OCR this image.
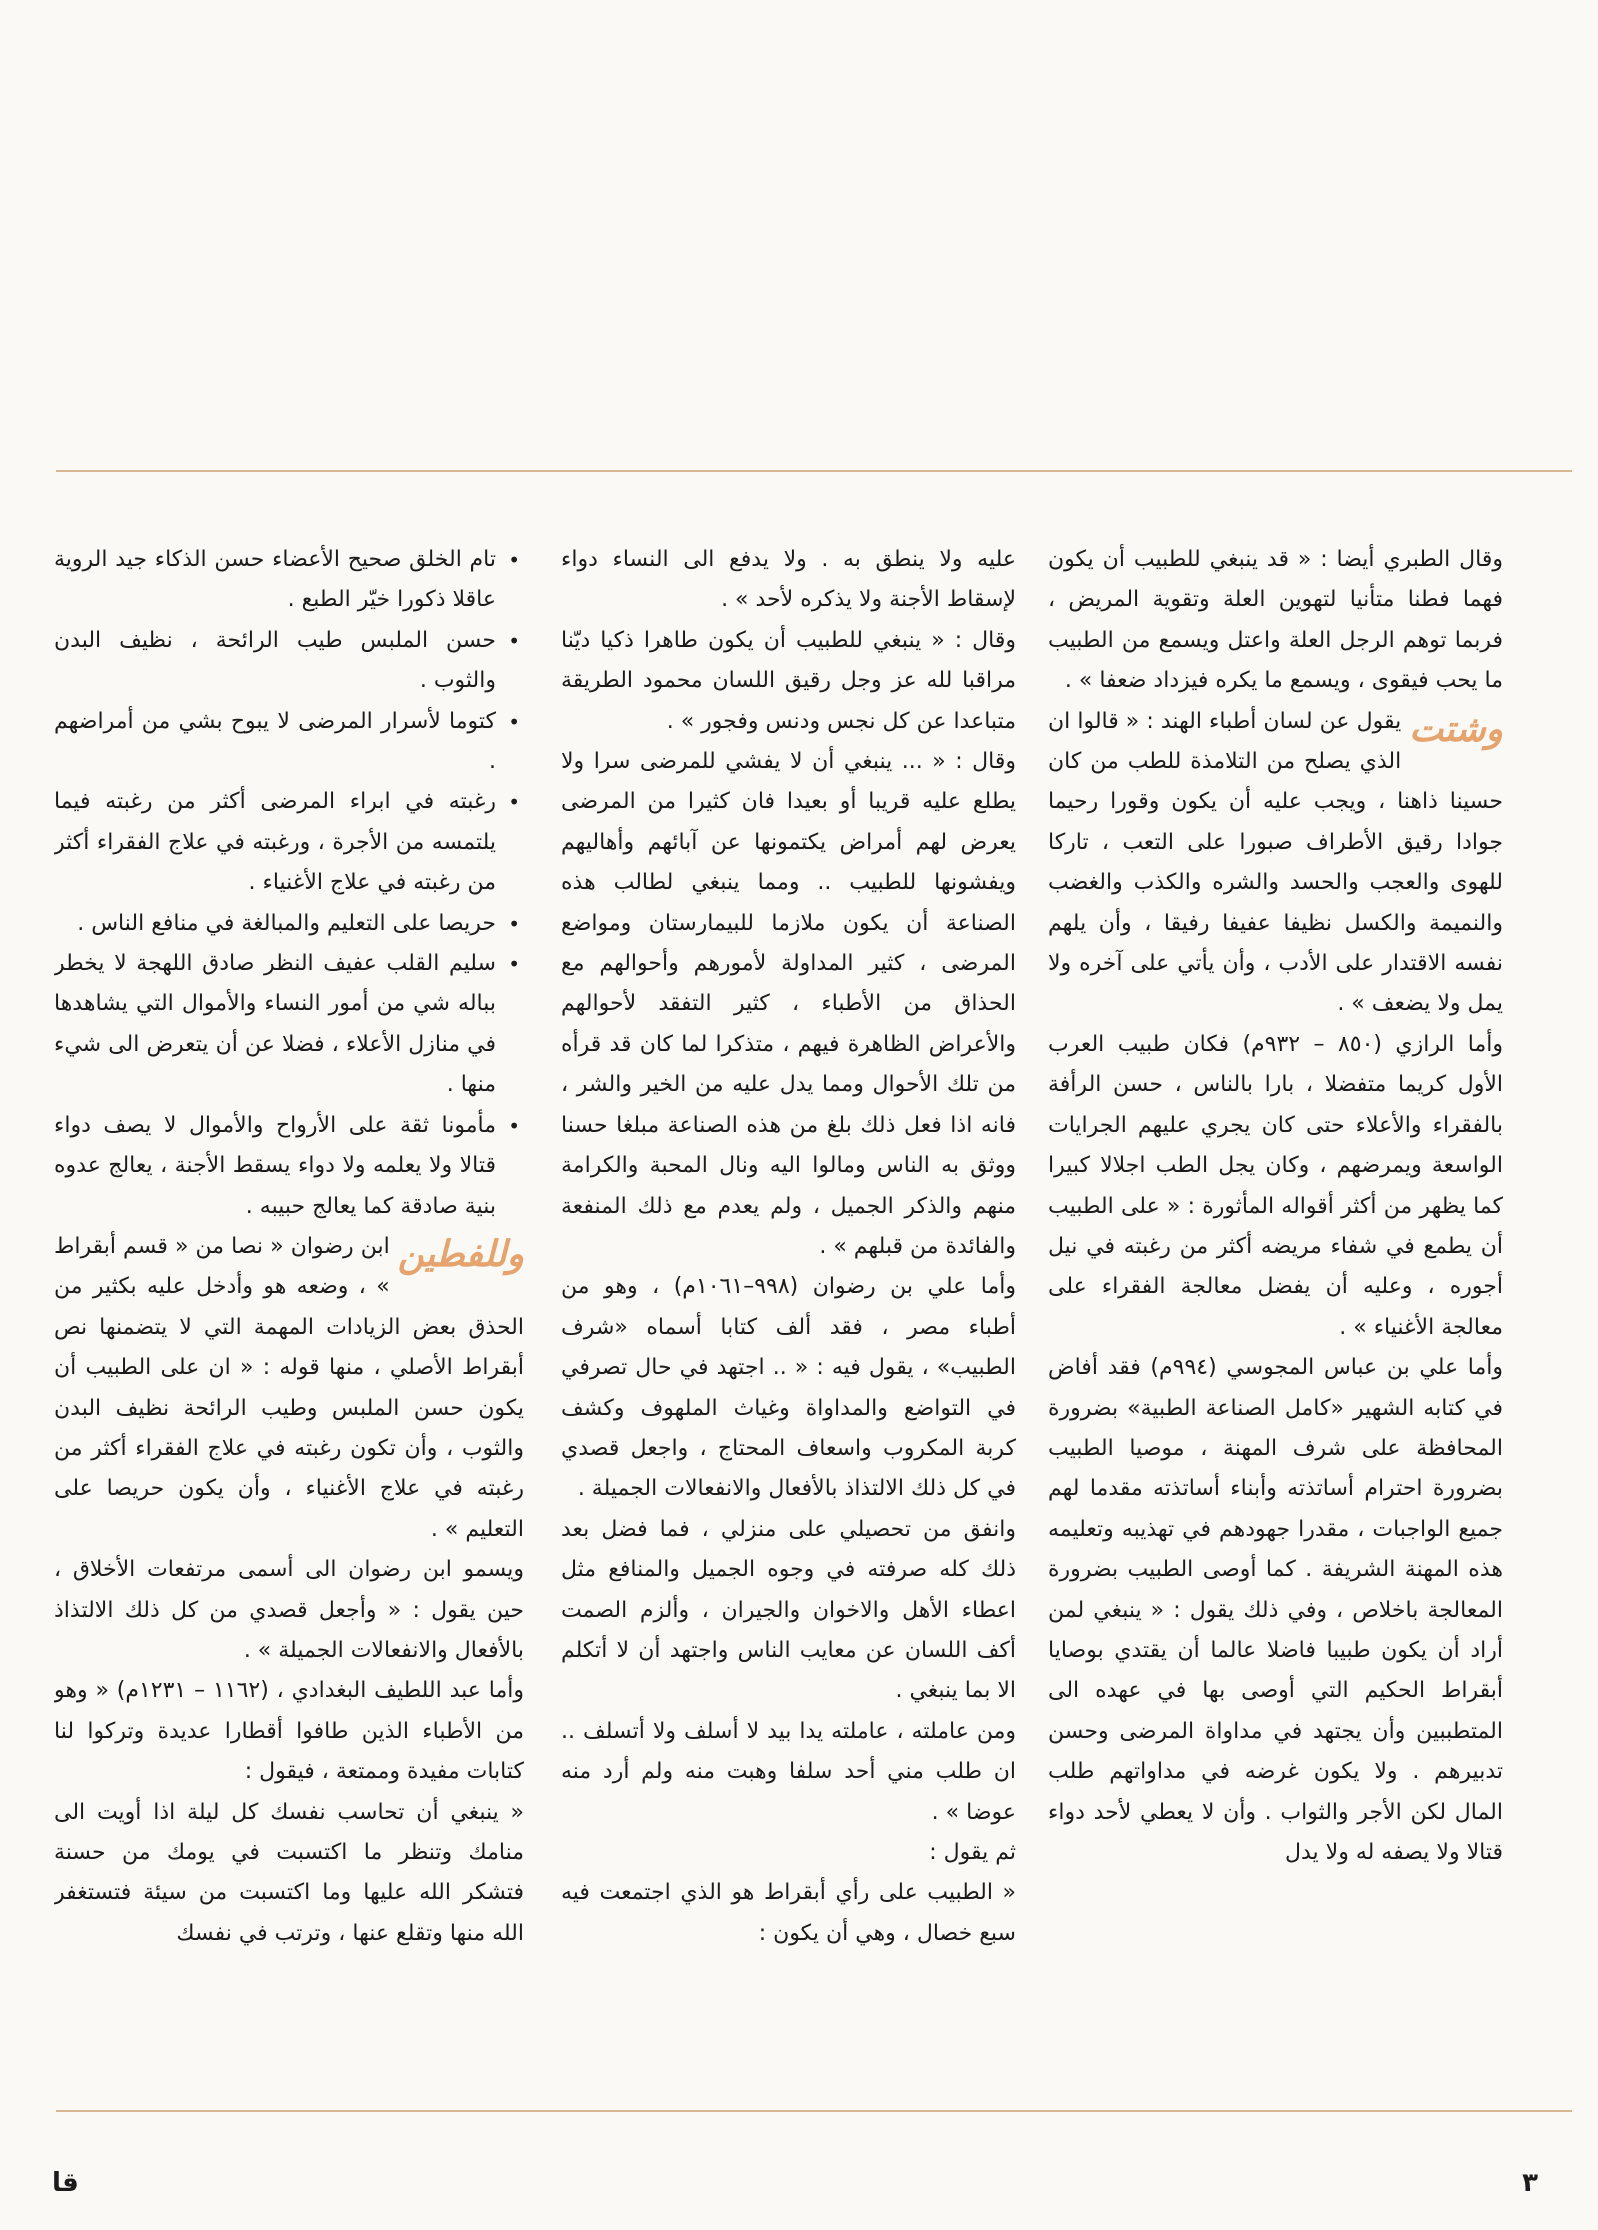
وقال الطبري أيضا : « قد ينبغي للطبيب أن يكون فهما فطنا متأنيا لتهوين العلة وتقوية المريض ، فربما توهم الرجل العلة واعتل ويسمع من الطبيب ما يحب فيقوى ، ويسمع ما يكره فيزداد ضعفا » .

وشتت
يقول عن لسان أطباء الهند : « قالوا ان الذي يصلح من التلامذة للطب من كان حسينا ذاهنا ، ويجب عليه أن يكون وقورا رحيما جوادا رقيق الأطراف صبورا على التعب ، تاركا للهوى والعجب والحسد والشره والكذب والغضب والنميمة والكسل نظيفا عفيفا رفيقا ، وأن يلهم نفسه الاقتدار على الأدب ، وأن يأتي على آخره ولا يمل ولا يضعف » .

وأما الرازي (٨٥٠ – ٩٣٢م) فكان طبيب العرب الأول كريما متفضلا ، بارا بالناس ، حسن الرأفة بالفقراء والأعلاء حتى كان يجري عليهم الجرايات الواسعة ويمرضهم ، وكان يجل الطب اجلالا كبيرا كما يظهر من أكثر أقواله المأثورة : « على الطبيب أن يطمع في شفاء مريضه أكثر من رغبته في نيل أجوره ، وعليه أن يفضل معالجة الفقراء على معالجة الأغنياء » .

وأما علي بن عباس المجوسي (٩٩٤م) فقد أفاض في كتابه الشهير «كامل الصناعة الطبية» بضرورة المحافظة على شرف المهنة ، موصيا الطبيب بضرورة احترام أساتذته وأبناء أساتذته مقدما لهم جميع الواجبات ، مقدرا جهودهم في تهذيبه وتعليمه هذه المهنة الشريفة . كما أوصى الطبيب بضرورة المعالجة باخلاص ، وفي ذلك يقول : « ينبغي لمن أراد أن يكون طبيبا فاضلا عالما أن يقتدي بوصايا أبقراط الحكيم التي أوصى بها في عهده الى المتطببين وأن يجتهد في مداواة المرضى وحسن تدبيرهم . ولا يكون غرضه في مداواتهم طلب المال لكن الأجر والثواب . وأن لا يعطي لأحد دواء قتالا ولا يصفه له ولا يدل

عليه ولا ينطق به . ولا يدفع الى النساء دواء لإسقاط الأجنة ولا يذكره لأحد » .

وقال : « ينبغي للطبيب أن يكون طاهرا ذكيا ديّنا مراقبا لله عز وجل رقيق اللسان محمود الطريقة متباعدا عن كل نجس ودنس وفجور » .

وقال : « ... ينبغي أن لا يفشي للمرضى سرا ولا يطلع عليه قريبا أو بعيدا فان كثيرا من المرضى يعرض لهم أمراض يكتمونها عن آبائهم وأهاليهم ويفشونها للطبيب .. ومما ينبغي لطالب هذه الصناعة أن يكون ملازما للبيمارستان ومواضع المرضى ، كثير المداولة لأمورهم وأحوالهم مع الحذاق من الأطباء ، كثير التفقد لأحوالهم والأعراض الظاهرة فيهم ، متذكرا لما كان قد قرأه من تلك الأحوال ومما يدل عليه من الخير والشر ، فانه اذا فعل ذلك بلغ من هذه الصناعة مبلغا حسنا ووثق به الناس ومالوا اليه ونال المحبة والكرامة منهم والذكر الجميل ، ولم يعدم مع ذلك المنفعة والفائدة من قبلهم » .

وأما علي بن رضوان (٩٩٨–١٠٦١م) ، وهو من أطباء مصر ، فقد ألف كتابا أسماه «شرف الطبيب» ، يقول فيه : « .. اجتهد في حال تصرفي في التواضع والمداواة وغياث الملهوف وكشف كربة المكروب واسعاف المحتاج ، واجعل قصدي في كل ذلك الالتذاذ بالأفعال والانفعالات الجميلة .

وانفق من تحصيلي على منزلي ، فما فضل بعد ذلك كله صرفته في وجوه الجميل والمنافع مثل اعطاء الأهل والاخوان والجيران ، وألزم الصمت أكف اللسان عن معايب الناس واجتهد أن لا أتكلم الا بما ينبغي .

ومن عاملته ، عاملته يدا بيد لا أسلف ولا أتسلف .. ان طلب مني أحد سلفا وهبت منه ولم أرد منه عوضا » .

ثم يقول :

« الطبيب على رأي أبقراط هو الذي اجتمعت فيه سبع خصال ، وهي أن يكون :

• تام الخلق صحيح الأعضاء حسن الذكاء جيد الروية عاقلا ذكورا خيّر الطبع .
• حسن الملبس طيب الرائحة ، نظيف البدن والثوب .
• كتوما لأسرار المرضى لا يبوح بشي من أمراضهم .
• رغبته في ابراء المرضى أكثر من رغبته فيما يلتمسه من الأجرة ، ورغبته في علاج الفقراء أكثر من رغبته في علاج الأغنياء .
• حريصا على التعليم والمبالغة في منافع الناس .
• سليم القلب عفيف النظر صادق اللهجة لا يخطر بباله شي من أمور النساء والأموال التي يشاهدها في منازل الأعلاء ، فضلا عن أن يتعرض الى شيء منها .
• مأمونا ثقة على الأرواح والأموال لا يصف دواء قتالا ولا يعلمه ولا دواء يسقط الأجنة ، يعالج عدوه بنية صادقة كما يعالج حبيبه .

وللفطين
ابن رضوان « نصا من « قسم أبقراط » ، وضعه هو وأدخل عليه بكثير من الحذق بعض الزيادات المهمة التي لا يتضمنها نص أبقراط الأصلي ، منها قوله : « ان على الطبيب أن يكون حسن الملبس وطيب الرائحة نظيف البدن والثوب ، وأن تكون رغبته في علاج الفقراء أكثر من رغبته في علاج الأغنياء ، وأن يكون حريصا على التعليم » .

ويسمو ابن رضوان الى أسمى مرتفعات الأخلاق ، حين يقول : « وأجعل قصدي من كل ذلك الالتذاذ بالأفعال والانفعالات الجميلة » .

وأما عبد اللطيف البغدادي ، (١١٦٢ – ١٢٣١م) « وهو من الأطباء الذين طافوا أقطارا عديدة وتركوا لنا كتابات مفيدة وممتعة ، فيقول :

« ينبغي أن تحاسب نفسك كل ليلة اذا أويت الى منامك وتنظر ما اكتسبت في يومك من حسنة فتشكر الله عليها وما اكتسبت من سيئة فتستغفر الله منها وتقلع عنها ، وترتب في نفسك

٣
قا
